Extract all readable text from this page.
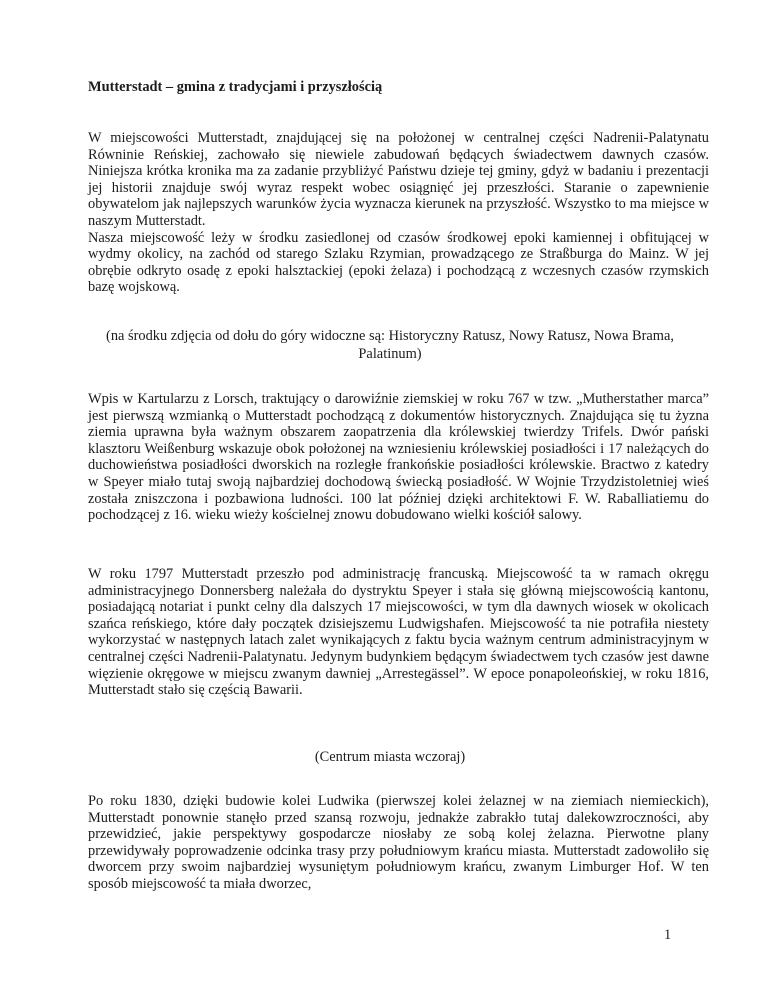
Mutterstadt – gmina z tradycjami i przyszłością

W miejscowości Mutterstadt, znajdującej się na położonej w centralnej części Nadrenii-Palatynatu Równinie Reńskiej, zachowało się niewiele zabudowań będących świadectwem dawnych czasów. Niniejsza krótka kronika ma za zadanie przybliżyć Państwu dzieje tej gminy, gdyż w badaniu i prezentacji jej historii znajduje swój wyraz respekt wobec osiągnięć jej przeszłości. Staranie o zapewnienie obywatelom jak najlepszych warunków życia wyznacza kierunek na przyszłość. Wszystko to ma miejsce w naszym Mutterstadt.

Nasza miejscowość leży w środku zasiedlonej od czasów środkowej epoki kamiennej i obfitującej w wydmy okolicy, na zachód od starego Szlaku Rzymian, prowadzącego ze Straßburga do Mainz. W jej obrębie odkryto osadę z epoki halsztackiej (epoki żelaza) i pochodzącą z wczesnych czasów rzymskich bazę wojskową.

(na środku zdjęcia od dołu do góry widoczne są: Historyczny Ratusz, Nowy Ratusz, Nowa Brama, Palatinum)

Wpis w Kartularzu z Lorsch, traktujący o darowiźnie ziemskiej w roku 767 w tzw. „Mutherstather marca” jest pierwszą wzmianką o Mutterstadt pochodzącą z dokumentów historycznych. Znajdująca się tu żyzna ziemia uprawna była ważnym obszarem zaopatrzenia dla królewskiej twierdzy Trifels. Dwór pański klasztoru Weißenburg wskazuje obok położonej na wzniesieniu królewskiej posiadłości i 17 należących do duchowieństwa posiadłości dworskich na rozległe frankońskie posiadłości królewskie. Bractwo z katedry w Speyer miało tutaj swoją najbardziej dochodową świecką posiadłość. W Wojnie Trzydzistoletniej wieś została zniszczona i pozbawiona ludności. 100 lat później dzięki architektowi F. W. Raballiatiemu do pochodzącej z 16. wieku wieży kościelnej znowu dobudowano wielki kościół salowy.

W roku 1797 Mutterstadt przeszło pod administrację francuską. Miejscowość ta w ramach okręgu administracyjnego Donnersberg należała do dystryktu Speyer i stała się główną miejscowością kantonu, posiadającą notariat i punkt celny dla dalszych 17 miejscowości, w tym dla dawnych wiosek w okolicach szańca reńskiego, które dały początek dzisiejszemu Ludwigshafen. Miejscowość ta nie potrafiła niestety wykorzystać w następnych latach zalet wynikających z faktu bycia ważnym centrum administracyjnym w centralnej części Nadrenii-Palatynatu. Jedynym budynkiem będącym świadectwem tych czasów jest dawne więzienie okręgowe w miejscu zwanym dawniej „Arrestegässel”. W epoce ponapoleońskiej, w roku 1816, Mutterstadt stało się częścią Bawarii.

(Centrum miasta wczoraj)

Po roku 1830, dzięki budowie kolei Ludwika (pierwszej kolei żelaznej w na ziemiach niemieckich), Mutterstadt ponownie stanęło przed szansą rozwoju, jednakże zabrakło tutaj dalekowzroczności, aby przewidzieć, jakie perspektywy gospodarcze niosłaby ze sobą kolej żelazna. Pierwotne plany przewidywały poprowadzenie odcinka trasy przy południowym krańcu miasta. Mutterstadt zadowoliło się dworcem przy swoim najbardziej wysuniętym południowym krańcu, zwanym Limburger Hof. W ten sposób miejscowość ta miała dworzec,

1
